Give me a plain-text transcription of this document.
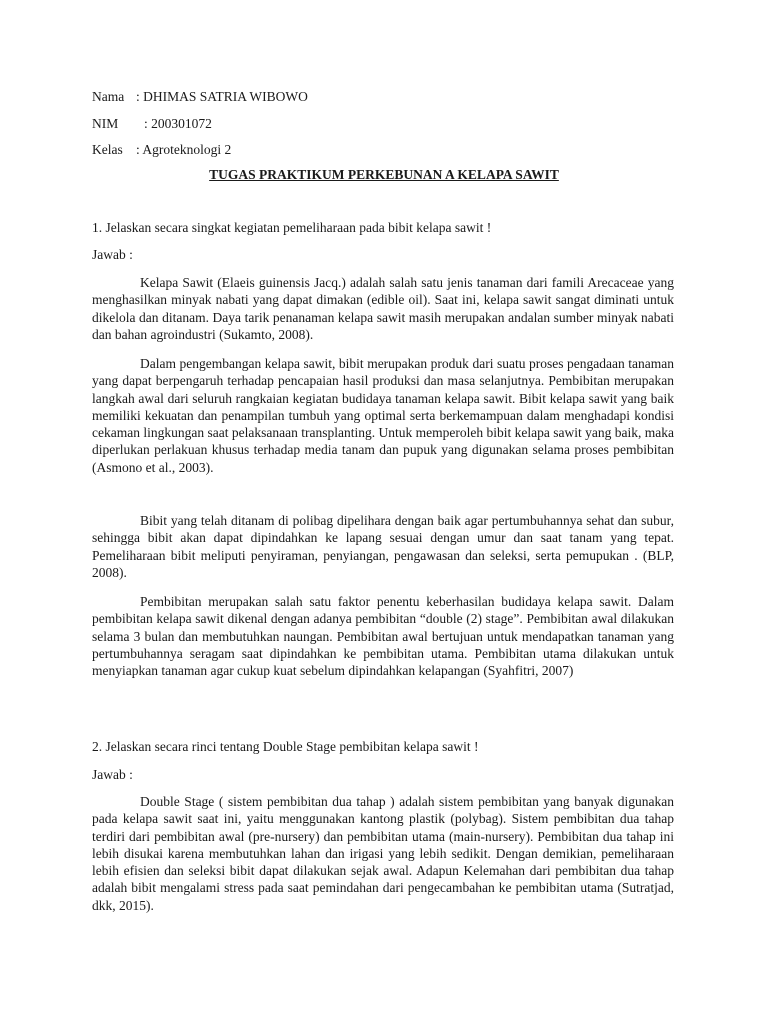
Nama : DHIMAS SATRIA WIBOWO
NIM : 200301072
Kelas : Agroteknologi 2
TUGAS PRAKTIKUM PERKEBUNAN A KELAPA SAWIT
1. Jelaskan secara singkat kegiatan pemeliharaan pada bibit kelapa sawit !
Jawab :

Kelapa Sawit (Elaeis guinensis Jacq.) adalah salah satu jenis tanaman dari famili Arecaceae yang menghasilkan minyak nabati yang dapat dimakan (edible oil). Saat ini, kelapa sawit sangat diminati untuk dikelola dan ditanam. Daya tarik penanaman kelapa sawit masih merupakan andalan sumber minyak nabati dan bahan agroindustri (Sukamto, 2008).

Dalam pengembangan kelapa sawit, bibit merupakan produk dari suatu proses pengadaan tanaman yang dapat berpengaruh terhadap pencapaian hasil produksi dan masa selanjutnya. Pembibitan merupakan langkah awal dari seluruh rangkaian kegiatan budidaya tanaman kelapa sawit. Bibit kelapa sawit yang baik memiliki kekuatan dan penampilan tumbuh yang optimal serta berkemampuan dalam menghadapi kondisi cekaman lingkungan saat pelaksanaan transplanting. Untuk memperoleh bibit kelapa sawit yang baik, maka diperlukan perlakuan khusus terhadap media tanam dan pupuk yang digunakan selama proses pembibitan (Asmono et al., 2003).

Bibit yang telah ditanam di polibag dipelihara dengan baik agar pertumbuhannya sehat dan subur, sehingga bibit akan dapat dipindahkan ke lapang sesuai dengan umur dan saat tanam yang tepat. Pemeliharaan bibit meliputi penyiraman, penyiangan, pengawasan dan seleksi, serta pemupukan . (BLP, 2008).

Pembibitan merupakan salah satu faktor penentu keberhasilan budidaya kelapa sawit. Dalam pembibitan kelapa sawit dikenal dengan adanya pembibitan “double (2) stage”. Pembibitan awal dilakukan selama 3 bulan dan membutuhkan naungan. Pembibitan awal bertujuan untuk mendapatkan tanaman yang pertumbuhannya seragam saat dipindahkan ke pembibitan utama. Pembibitan utama dilakukan untuk menyiapkan tanaman agar cukup kuat sebelum dipindahkan kelapangan (Syahfitri, 2007)

2. Jelaskan secara rinci tentang Double Stage pembibitan kelapa sawit !
Jawab :

Double Stage ( sistem pembibitan dua tahap ) adalah sistem pembibitan yang banyak digunakan pada kelapa sawit saat ini, yaitu menggunakan kantong plastik (polybag). Sistem pembibitan dua tahap terdiri dari pembibitan awal (pre-nursery) dan pembibitan utama (main-nursery). Pembibitan dua tahap ini lebih disukai karena membutuhkan lahan dan irigasi yang lebih sedikit. Dengan demikian, pemeliharaan lebih efisien dan seleksi bibit dapat dilakukan sejak awal. Adapun Kelemahan dari pembibitan dua tahap adalah bibit mengalami stress pada saat pemindahan dari pengecambahan ke pembibitan utama (Sutratjad, dkk, 2015).
